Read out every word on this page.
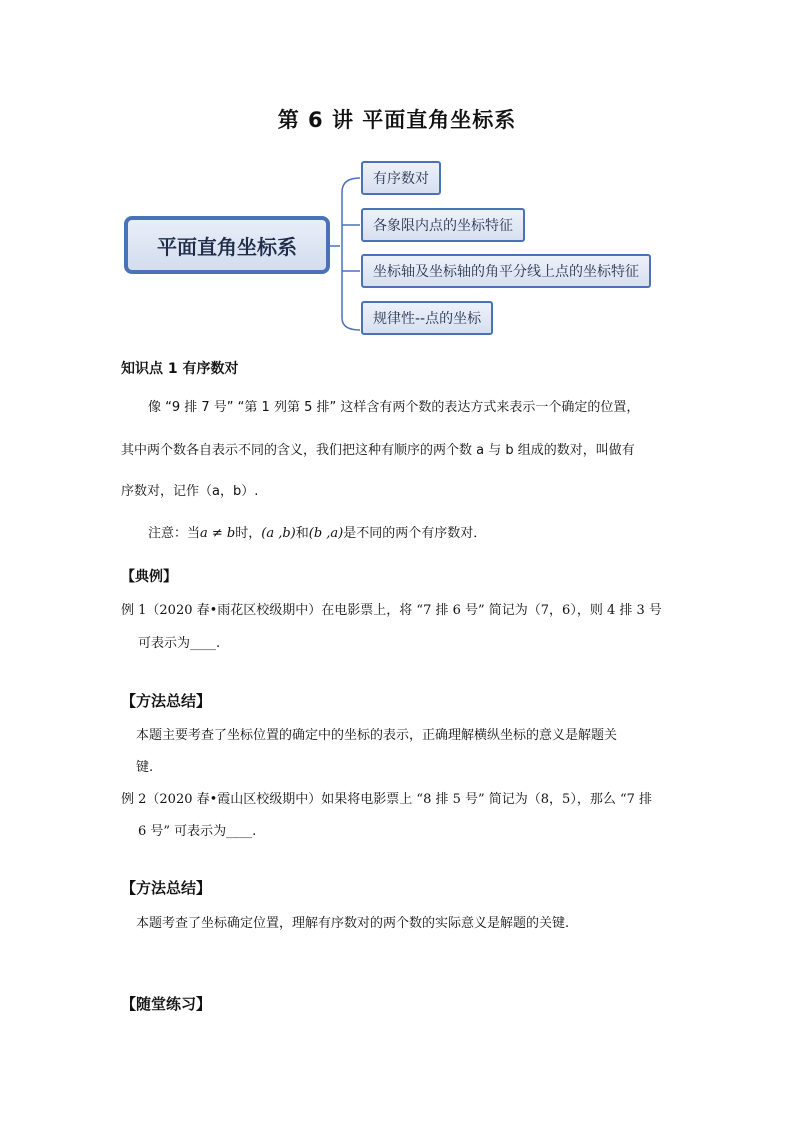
第 6 讲 平面直角坐标系
平面直角坐标系
有序数对
各象限内点的坐标特征
坐标轴及坐标轴的角平分线上点的坐标特征
规律性--点的坐标
知识点 1 有序数对
像 “9 排 7 号” “第 1 列第 5 排” 这样含有两个数的表达方式来表示一个确定的位置，
其中两个数各自表示不同的含义，我们把这种有顺序的两个数 a 与 b 组成的数对，叫做有
序数对，记作（a，b）.
注意：当a ≠ b时，(a ,b)和(b ,a)是不同的两个有序数对．
【典例】
例 1（2020 春•雨花区校级期中）在电影票上，将 “7 排 6 号” 简记为（7，6），则 4 排 3 号
可表示为____.
【方法总结】
本题主要考查了坐标位置的确定中的坐标的表示，正确理解横纵坐标的意义是解题关
键.
例 2（2020 春•霞山区校级期中）如果将电影票上 “8 排 5 号” 简记为（8，5），那么 “7 排
6 号” 可表示为____.
【方法总结】
本题考查了坐标确定位置，理解有序数对的两个数的实际意义是解题的关键.
【随堂练习】
